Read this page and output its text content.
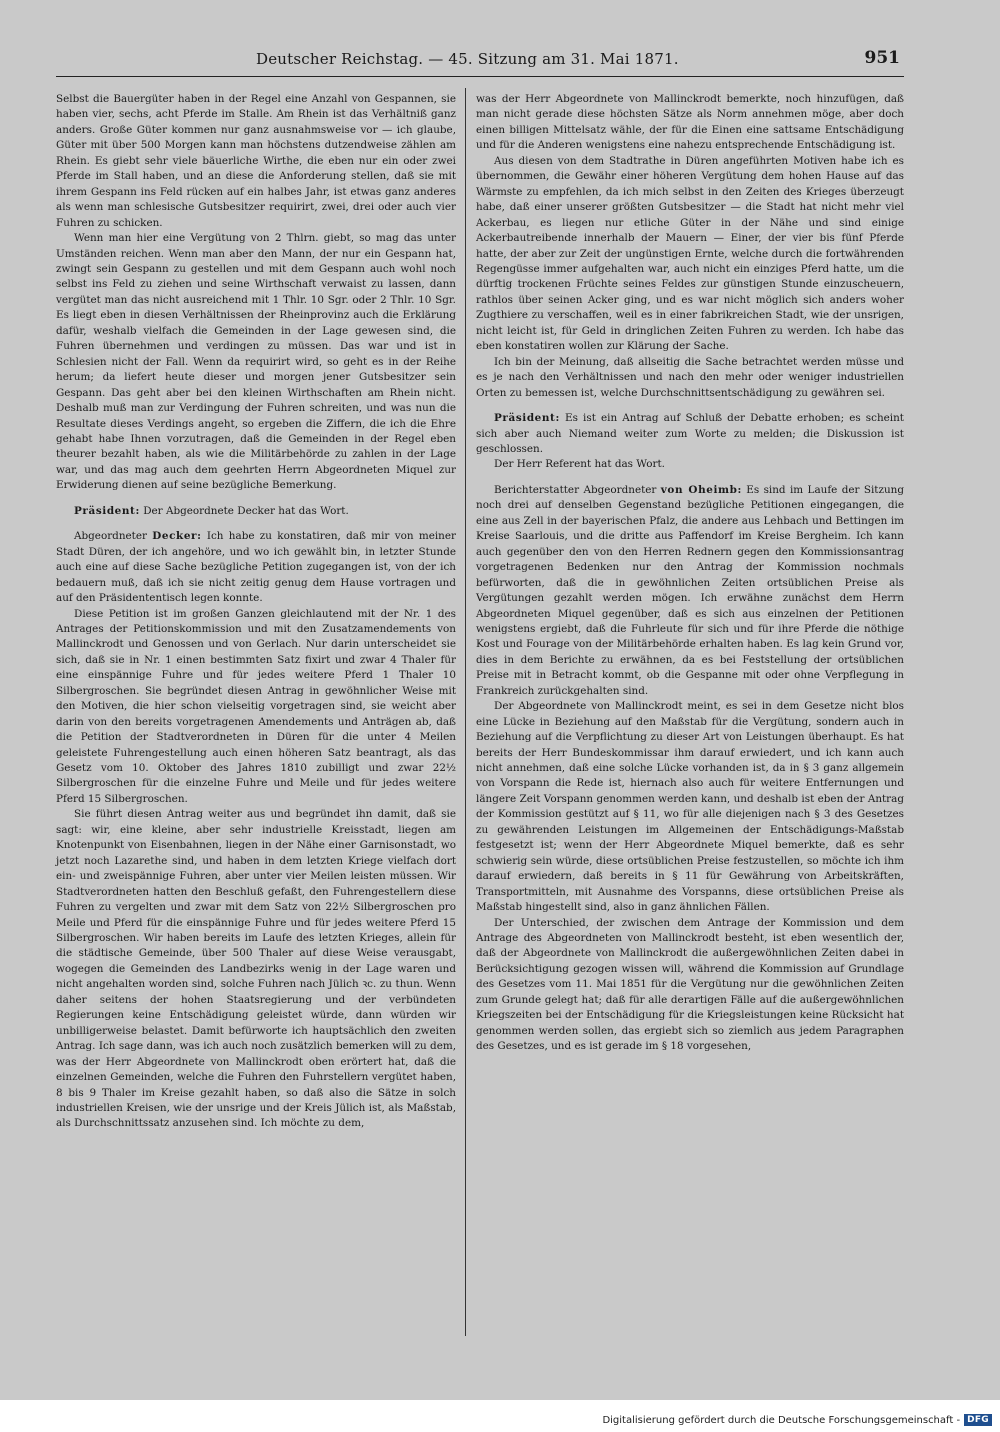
Deutscher Reichstag. — 45. Sitzung am 31. Mai 1871.	951

Selbst die Bauergüter haben in der Regel eine Anzahl von Gespannen, sie haben vier, sechs, acht Pferde im Stalle. Am Rhein ist das Verhältniß ganz anders. Große Güter kommen nur ganz ausnahmsweise vor — ich glaube, Güter mit über 500 Morgen kann man höchstens dutzendweise zählen am Rhein. Es giebt sehr viele bäuerliche Wirthe, die eben nur ein oder zwei Pferde im Stall haben, und an diese die Anforderung stellen, daß sie mit ihrem Gespann ins Feld rücken auf ein halbes Jahr, ist etwas ganz anderes als wenn man schlesische Gutsbesitzer requirirt, zwei, drei oder auch vier Fuhren zu schicken.

Wenn man hier eine Vergütung von 2 Thlrn. giebt, so mag das unter Umständen reichen. Wenn man aber den Mann, der nur ein Gespann hat, zwingt sein Gespann zu gestellen und mit dem Gespann auch wohl noch selbst ins Feld zu ziehen und seine Wirthschaft verwaist zu lassen, dann vergütet man das nicht ausreichend mit 1 Thlr. 10 Sgr. oder 2 Thlr. 10 Sgr. Es liegt eben in diesen Verhältnissen der Rheinprovinz auch die Erklärung dafür, weshalb vielfach die Gemeinden in der Lage gewesen sind, die Fuhren übernehmen und verdingen zu müssen. Das war und ist in Schlesien nicht der Fall. Wenn da requirirt wird, so geht es in der Reihe herum; da liefert heute dieser und morgen jener Gutsbesitzer sein Gespann. Das geht aber bei den kleinen Wirthschaften am Rhein nicht. Deshalb muß man zur Verdingung der Fuhren schreiten, und was nun die Resultate dieses Verdings angeht, so ergeben die Ziffern, die ich die Ehre gehabt habe Ihnen vorzutragen, daß die Gemeinden in der Regel eben theurer bezahlt haben, als wie die Militärbehörde zu zahlen in der Lage war, und das mag auch dem geehrten Herrn Abgeordneten Miquel zur Erwiderung dienen auf seine bezügliche Bemerkung.

Präsident: Der Abgeordnete Decker hat das Wort.

Abgeordneter Decker: Ich habe zu konstatiren, daß mir von meiner Stadt Düren, der ich angehöre, und wo ich gewählt bin, in letzter Stunde auch eine auf diese Sache bezügliche Petition zugegangen ist, von der ich bedauern muß, daß ich sie nicht zeitig genug dem Hause vortragen und auf den Präsidententisch legen konnte.

Diese Petition ist im großen Ganzen gleichlautend mit der Nr. 1 des Antrages der Petitionskommission und mit den Zusatzamendements von Mallinckrodt und Genossen und von Gerlach. Nur darin unterscheidet sie sich, daß sie in Nr. 1 einen bestimmten Satz fixirt und zwar 4 Thaler für eine einspännige Fuhre und für jedes weitere Pferd 1 Thaler 10 Silbergroschen. Sie begründet diesen Antrag in gewöhnlicher Weise mit den Motiven, die hier schon vielseitig vorgetragen sind, sie weicht aber darin von den bereits vorgetragenen Amendements und Anträgen ab, daß die Petition der Stadtverordneten in Düren für die unter 4 Meilen geleistete Fuhrengestellung auch einen höheren Satz beantragt, als das Gesetz vom 10. Oktober des Jahres 1810 zubilligt und zwar 22½ Silbergroschen für die einzelne Fuhre und Meile und für jedes weitere Pferd 15 Silbergroschen.

Sie führt diesen Antrag weiter aus und begründet ihn damit, daß sie sagt: wir, eine kleine, aber sehr industrielle Kreisstadt, liegen am Knotenpunkt von Eisenbahnen, liegen in der Nähe einer Garnisonstadt, wo jetzt noch Lazarethe sind, und haben in dem letzten Kriege vielfach dort ein- und zweispännige Fuhren, aber unter vier Meilen leisten müssen. Wir Stadtverordneten hatten den Beschluß gefaßt, den Fuhrengestellern diese Fuhren zu vergelten und zwar mit dem Satz von 22½ Silbergroschen pro Meile und Pferd für die einspännige Fuhre und für jedes weitere Pferd 15 Silbergroschen. Wir haben bereits im Laufe des letzten Krieges, allein für die städtische Gemeinde, über 500 Thaler auf diese Weise verausgabt, wogegen die Gemeinden des Landbezirks wenig in der Lage waren und nicht angehalten worden sind, solche Fuhren nach Jülich ꝛc. zu thun. Wenn daher seitens der hohen Staatsregierung und der verbündeten Regierungen keine Entschädigung geleistet würde, dann würden wir unbilligerweise belastet. Damit befürworte ich hauptsächlich den zweiten Antrag. Ich sage dann, was ich auch noch zusätzlich bemerken will zu dem, was der Herr Abgeordnete von Mallinckrodt oben erörtert hat, daß die einzelnen Gemeinden, welche die Fuhren den Fuhrstellern vergütet haben, 8 bis 9 Thaler im Kreise gezahlt haben, so daß also die Sätze in solch industriellen Kreisen, wie der unsrige und der Kreis Jülich ist, als Maßstab, als Durchschnittssatz anzusehen sind. Ich möchte zu dem,

was der Herr Abgeordnete von Mallinckrodt bemerkte, noch hinzufügen, daß man nicht gerade diese höchsten Sätze als Norm annehmen möge, aber doch einen billigen Mittelsatz wähle, der für die Einen eine sattsame Entschädigung und für die Anderen wenigstens eine nahezu entsprechende Entschädigung ist.

Aus diesen von dem Stadtrathe in Düren angeführten Motiven habe ich es übernommen, die Gewähr einer höheren Vergütung dem hohen Hause auf das Wärmste zu empfehlen, da ich mich selbst in den Zeiten des Krieges überzeugt habe, daß einer unserer größten Gutsbesitzer — die Stadt hat nicht mehr viel Ackerbau, es liegen nur etliche Güter in der Nähe und sind einige Ackerbautreibende innerhalb der Mauern — Einer, der vier bis fünf Pferde hatte, der aber zur Zeit der ungünstigen Ernte, welche durch die fortwährenden Regengüsse immer aufgehalten war, auch nicht ein einziges Pferd hatte, um die dürftig trockenen Früchte seines Feldes zur günstigen Stunde einzuscheuern, rathlos über seinen Acker ging, und es war nicht möglich sich anders woher Zugthiere zu verschaffen, weil es in einer fabrikreichen Stadt, wie der unsrigen, nicht leicht ist, für Geld in dringlichen Zeiten Fuhren zu werden. Ich habe das eben konstatiren wollen zur Klärung der Sache.

Ich bin der Meinung, daß allseitig die Sache betrachtet werden müsse und es je nach den Verhältnissen und nach den mehr oder weniger industriellen Orten zu bemessen ist, welche Durchschnittsentschädigung zu gewähren sei.

Präsident: Es ist ein Antrag auf Schluß der Debatte erhoben; es scheint sich aber auch Niemand weiter zum Worte zu melden; die Diskussion ist geschlossen.

Der Herr Referent hat das Wort.

Berichterstatter Abgeordneter von Oheimb: Es sind im Laufe der Sitzung noch drei auf denselben Gegenstand bezügliche Petitionen eingegangen, die eine aus Zell in der bayerischen Pfalz, die andere aus Lehbach und Bettingen im Kreise Saarlouis, und die dritte aus Paffendorf im Kreise Bergheim. Ich kann auch gegenüber den von den Herren Rednern gegen den Kommissionsantrag vorgetragenen Bedenken nur den Antrag der Kommission nochmals befürworten, daß die in gewöhnlichen Zeiten ortsüblichen Preise als Vergütungen gezahlt werden mögen. Ich erwähne zunächst dem Herrn Abgeordneten Miquel gegenüber, daß es sich aus einzelnen der Petitionen wenigstens ergiebt, daß die Fuhrleute für sich und für ihre Pferde die nöthige Kost und Fourage von der Militärbehörde erhalten haben. Es lag kein Grund vor, dies in dem Berichte zu erwähnen, da es bei Feststellung der ortsüblichen Preise mit in Betracht kommt, ob die Gespanne mit oder ohne Verpflegung in Frankreich zurückgehalten sind.

Der Abgeordnete von Mallinckrodt meint, es sei in dem Gesetze nicht blos eine Lücke in Beziehung auf den Maßstab für die Vergütung, sondern auch in Beziehung auf die Verpflichtung zu dieser Art von Leistungen überhaupt. Es hat bereits der Herr Bundeskommissar ihm darauf erwiedert, und ich kann auch nicht annehmen, daß eine solche Lücke vorhanden ist, da in § 3 ganz allgemein von Vorspann die Rede ist, hiernach also auch für weitere Entfernungen und längere Zeit Vorspann genommen werden kann, und deshalb ist eben der Antrag der Kommission gestützt auf § 11, wo für alle diejenigen nach § 3 des Gesetzes zu gewährenden Leistungen im Allgemeinen der Entschädigungs-Maßstab festgesetzt ist; wenn der Herr Abgeordnete Miquel bemerkte, daß es sehr schwierig sein würde, diese ortsüblichen Preise festzustellen, so möchte ich ihm darauf erwiedern, daß bereits in § 11 für Gewährung von Arbeitskräften, Transportmitteln, mit Ausnahme des Vorspanns, diese ortsüblichen Preise als Maßstab hingestellt sind, also in ganz ähnlichen Fällen.

Der Unterschied, der zwischen dem Antrage der Kommission und dem Antrage des Abgeordneten von Mallinckrodt besteht, ist eben wesentlich der, daß der Abgeordnete von Mallinckrodt die außergewöhnlichen Zeiten dabei in Berücksichtigung gezogen wissen will, während die Kommission auf Grundlage des Gesetzes vom 11. Mai 1851 für die Vergütung nur die gewöhnlichen Zeiten zum Grunde gelegt hat; daß für alle derartigen Fälle auf die außergewöhnlichen Kriegszeiten bei der Entschädigung für die Kriegsleistungen keine Rücksicht hat genommen werden sollen, das ergiebt sich so ziemlich aus jedem Paragraphen des Gesetzes, und es ist gerade im § 18 vorgesehen,

Digitalisierung gefördert durch die Deutsche Forschungsgemeinschaft - DFG
